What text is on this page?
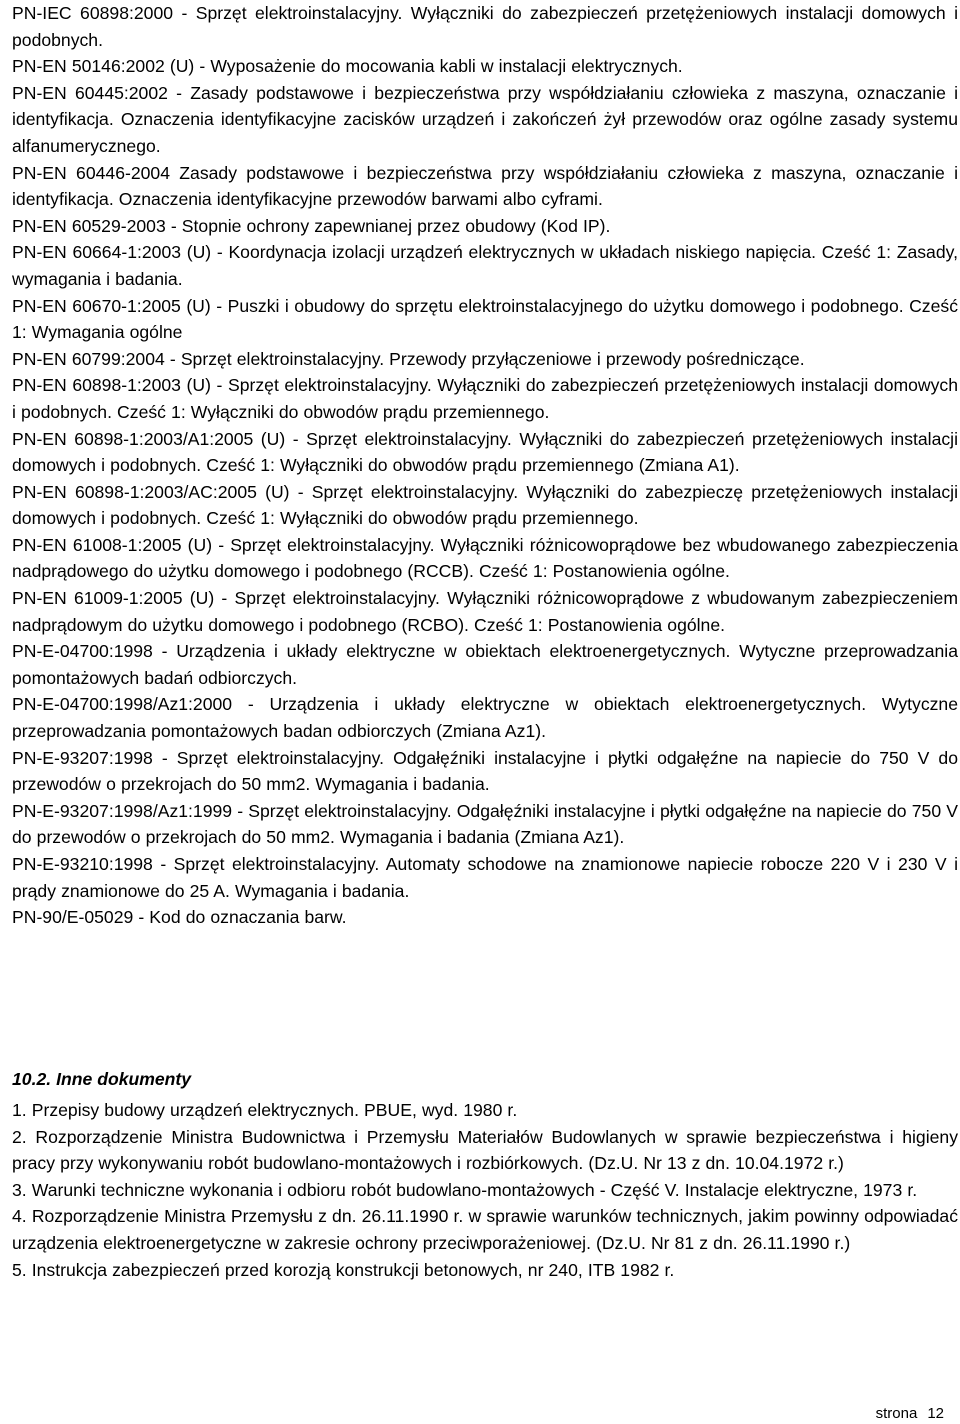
PN-IEC 60898:2000 - Sprzęt elektroinstalacyjny. Wyłączniki do zabezpieczeń przetężeniowych instalacji domowych i podobnych.

PN-EN 50146:2002 (U) - Wyposażenie do mocowania kabli w instalacji elektrycznych.

PN-EN 60445:2002 - Zasady podstawowe i bezpieczeństwa przy współdziałaniu człowieka z maszyna, oznaczanie i identyfikacja. Oznaczenia identyfikacyjne zacisków urządzeń i zakończeń żył przewodów oraz ogólne zasady systemu alfanumerycznego.

PN-EN 60446-2004 Zasady podstawowe i bezpieczeństwa przy współdziałaniu człowieka z maszyna, oznaczanie i identyfikacja. Oznaczenia identyfikacyjne przewodów barwami albo cyframi.

PN-EN 60529-2003 - Stopnie ochrony zapewnianej przez obudowy (Kod IP).

PN-EN 60664-1:2003 (U) - Koordynacja izolacji urządzeń elektrycznych w układach niskiego napięcia. Cześć 1: Zasady, wymagania i badania.

PN-EN 60670-1:2005 (U) - Puszki i obudowy do sprzętu elektroinstalacyjnego do użytku domowego i podobnego. Cześć 1: Wymagania ogólne

PN-EN 60799:2004 - Sprzęt elektroinstalacyjny. Przewody przyłączeniowe i przewody pośredniczące.

PN-EN 60898-1:2003 (U) - Sprzęt elektroinstalacyjny. Wyłączniki do zabezpieczeń przetężeniowych instalacji domowych i podobnych. Cześć 1: Wyłączniki do obwodów prądu przemiennego.

PN-EN 60898-1:2003/A1:2005 (U) - Sprzęt elektroinstalacyjny. Wyłączniki do zabezpieczeń przetężeniowych instalacji domowych i podobnych. Cześć 1: Wyłączniki do obwodów prądu przemiennego (Zmiana A1).

PN-EN 60898-1:2003/AC:2005 (U) - Sprzęt elektroinstalacyjny. Wyłączniki do zabezpieczę przetężeniowych instalacji domowych i podobnych. Cześć 1: Wyłączniki do obwodów prądu przemiennego.

PN-EN 61008-1:2005 (U) - Sprzęt elektroinstalacyjny. Wyłączniki różnicowoprądowe bez wbudowanego zabezpieczenia nadprądowego do użytku domowego i podobnego (RCCB). Cześć 1: Postanowienia ogólne.

PN-EN 61009-1:2005 (U) - Sprzęt elektroinstalacyjny. Wyłączniki różnicowoprądowe z wbudowanym zabezpieczeniem nadprądowym do użytku domowego i podobnego (RCBO). Cześć 1: Postanowienia ogólne.

PN-E-04700:1998 - Urządzenia i układy elektryczne w obiektach elektroenergetycznych. Wytyczne przeprowadzania pomontażowych badań odbiorczych.

PN-E-04700:1998/Az1:2000 - Urządzenia i układy elektryczne w obiektach elektroenergetycznych. Wytyczne przeprowadzania pomontażowych badan odbiorczych (Zmiana Az1).

PN-E-93207:1998 - Sprzęt elektroinstalacyjny. Odgałęźniki instalacyjne i płytki odgałęźne na napiecie do 750 V do przewodów o przekrojach do 50 mm2. Wymagania i badania.

PN-E-93207:1998/Az1:1999 - Sprzęt elektroinstalacyjny. Odgałęźniki instalacyjne i płytki odgałęźne na napiecie do 750 V do przewodów o przekrojach do 50 mm2. Wymagania i badania (Zmiana Az1).

PN-E-93210:1998 - Sprzęt elektroinstalacyjny. Automaty schodowe na znamionowe napiecie robocze 220 V i 230 V i prądy znamionowe do 25 A. Wymagania i badania.

PN-90/E-05029 - Kod do oznaczania barw.

10.2. Inne dokumenty

1. Przepisy budowy urządzeń elektrycznych. PBUE, wyd. 1980 r.

2. Rozporządzenie Ministra Budownictwa i Przemysłu Materiałów Budowlanych w sprawie bezpieczeństwa i higieny pracy przy wykonywaniu robót budowlano-montażowych i rozbiórkowych. (Dz.U. Nr 13 z dn. 10.04.1972 r.)

3. Warunki techniczne wykonania i odbioru robót budowlano-montażowych - Część V. Instalacje elektryczne, 1973 r.

4. Rozporządzenie Ministra Przemysłu z dn. 26.11.1990 r. w sprawie warunków technicznych, jakim powinny odpowiadać urządzenia elektroenergetyczne w zakresie ochrony przeciwporażeniowej. (Dz.U. Nr 81 z dn. 26.11.1990 r.)

5. Instrukcja zabezpieczeń przed korozją konstrukcji betonowych, nr 240, ITB 1982 r.

strona 12
